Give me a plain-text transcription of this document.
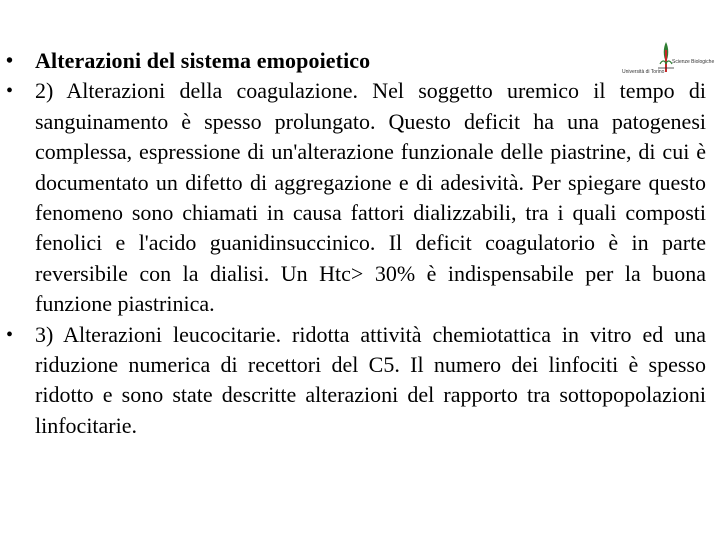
Università di Torino
Scienze Biologiche
• Alterazioni del sistema emopoietico
• 2) Alterazioni della coagulazione. Nel soggetto uremico il tempo di sanguinamento è spesso prolungato. Questo deficit ha una patogenesi complessa, espressione di un'alterazione funzionale delle piastrine, di cui è documentato un difetto di aggregazione e di adesività. Per spiegare questo fenomeno sono chiamati in causa fattori dializzabili, tra i quali composti fenolici e l'acido guanidinsuccinico. Il deficit coagulatorio è in parte reversibile con la dialisi. Un Htc> 30% è indispensabile per la buona funzione piastrinica.
• 3) Alterazioni leucocitarie. ridotta attività chemiotattica in vitro ed una riduzione numerica di recettori del C5. Il numero dei linfociti è spesso ridotto e sono state descritte alterazioni del rapporto tra sottopopolazioni linfocitarie.
